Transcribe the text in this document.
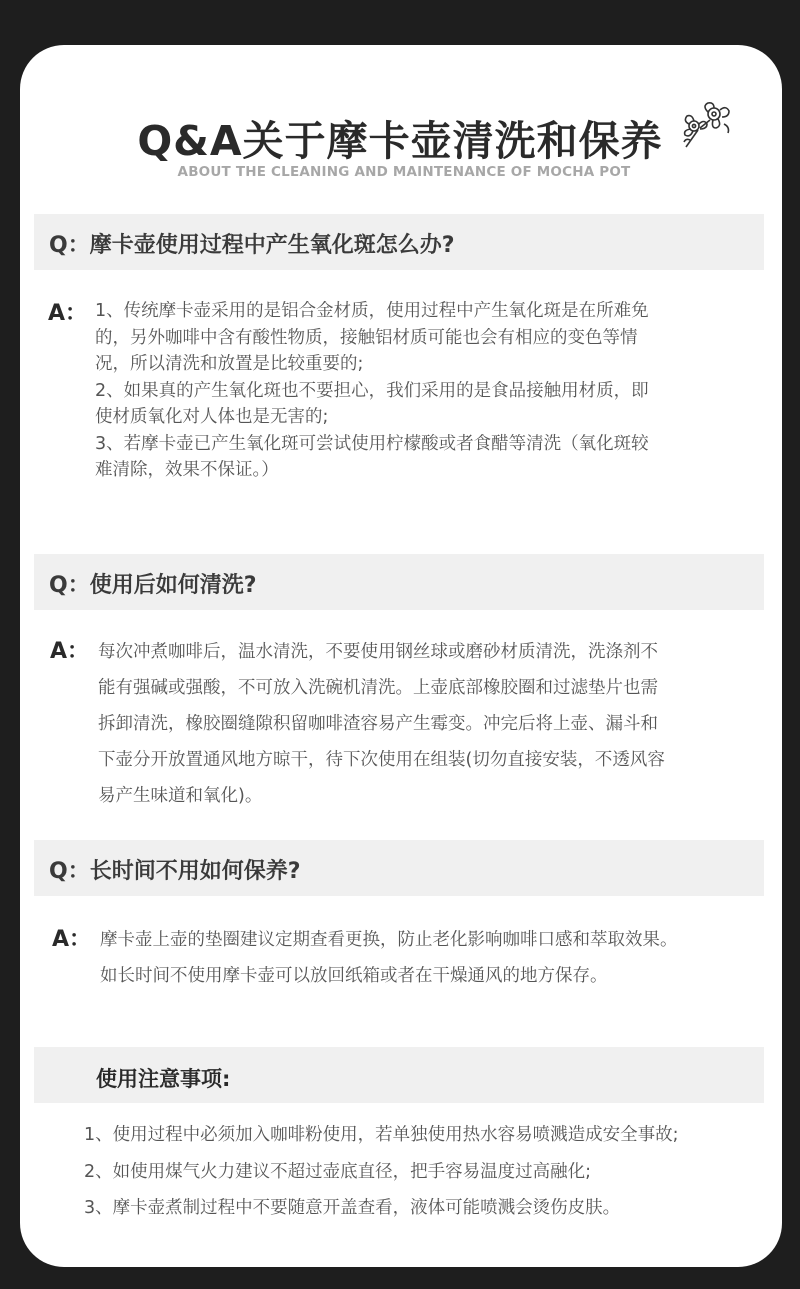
Q&A关于摩卡壶清洗和保养
ABOUT THE CLEANING AND MAINTENANCE OF MOCHA POT
Q：摩卡壶使用过程中产生氧化斑怎么办?
A： 1、传统摩卡壶采用的是铝合金材质，使用过程中产生氧化斑是在所难免
的，另外咖啡中含有酸性物质，接触铝材质可能也会有相应的变色等情
况，所以清洗和放置是比较重要的;
2、如果真的产生氧化斑也不要担心，我们采用的是食品接触用材质，即
使材质氧化对人体也是无害的;
3、若摩卡壶已产生氧化斑可尝试使用柠檬酸或者食醋等清洗（氧化斑较
难清除，效果不保证。）
Q：使用后如何清洗?
A： 每次冲煮咖啡后，温水清洗，不要使用钢丝球或磨砂材质清洗，洗涤剂不
能有强碱或强酸，不可放入洗碗机清洗。上壶底部橡胶圈和过滤垫片也需
拆卸清洗，橡胶圈缝隙积留咖啡渣容易产生霉变。冲完后将上壶、漏斗和
下壶分开放置通风地方晾干，待下次使用在组装(切勿直接安装，不透风容
易产生味道和氧化)。
Q：长时间不用如何保养?
A： 摩卡壶上壶的垫圈建议定期查看更换，防止老化影响咖啡口感和萃取效果。
如长时间不使用摩卡壶可以放回纸箱或者在干燥通风的地方保存。
使用注意事项:
1、使用过程中必须加入咖啡粉使用，若单独使用热水容易喷溅造成安全事故;
2、如使用煤气火力建议不超过壶底直径，把手容易温度过高融化;
3、摩卡壶煮制过程中不要随意开盖查看，液体可能喷溅会烫伤皮肤。
